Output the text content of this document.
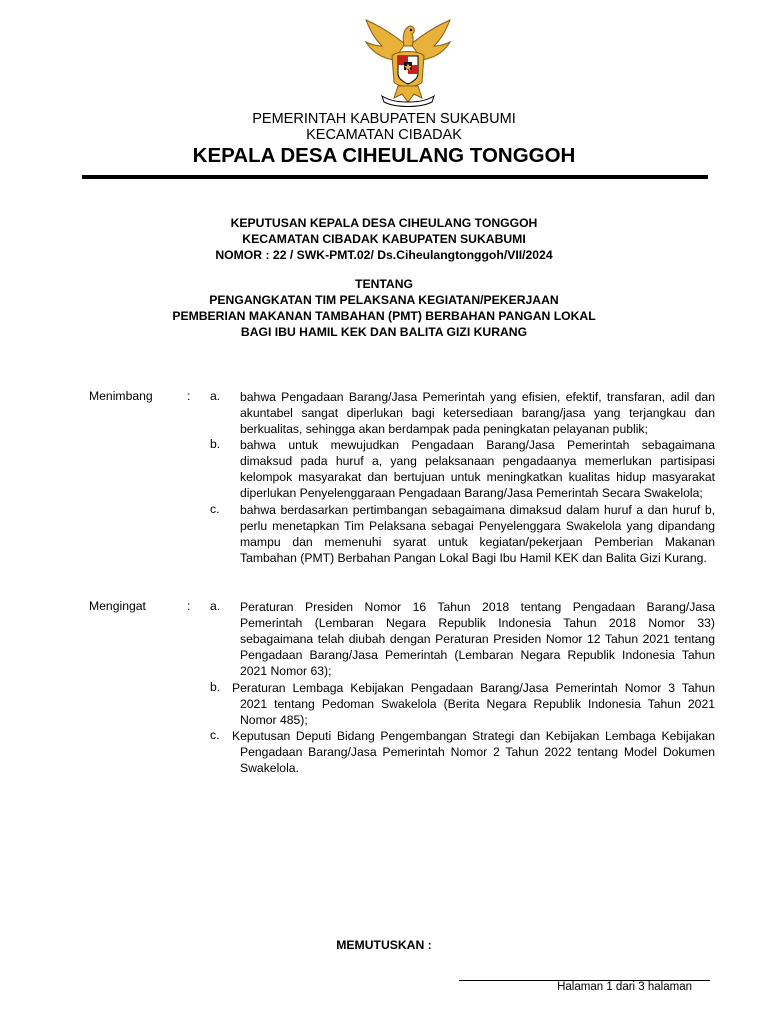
PEMERINTAH KABUPATEN SUKABUMI
KECAMATAN CIBADAK
KEPALA DESA CIHEULANG TONGGOH
KEPUTUSAN KEPALA DESA CIHEULANG TONGGOH
KECAMATAN CIBADAK KABUPATEN SUKABUMI
NOMOR : 22 / SWK-PMT.02/ Ds.Ciheulangtonggoh/VII/2024
TENTANG
PENGANGKATAN TIM PELAKSANA KEGIATAN/PEKERJAAN
PEMBERIAN MAKANAN TAMBAHAN (PMT) BERBAHAN PANGAN LOKAL
BAGI IBU HAMIL KEK DAN BALITA GIZI KURANG
Menimbang	: a. bahwa Pengadaan Barang/Jasa Pemerintah yang efisien, efektif, transfaran, adil dan akuntabel sangat diperlukan bagi ketersediaan barang/jasa yang terjangkau dan berkualitas, sehingga akan berdampak pada peningkatan pelayanan publik;
b. bahwa untuk mewujudkan Pengadaan Barang/Jasa Pemerintah sebagaimana dimaksud pada huruf a, yang pelaksanaan pengadaanya memerlukan partisipasi kelompok masyarakat dan bertujuan untuk meningkatkan kualitas hidup masyarakat diperlukan Penyelenggaraan Pengadaan Barang/Jasa Pemerintah Secara Swakelola;
c. bahwa berdasarkan pertimbangan sebagaimana dimaksud dalam huruf a dan huruf b, perlu menetapkan Tim Pelaksana sebagai Penyelenggara Swakelola yang dipandang mampu dan memenuhi syarat untuk kegiatan/pekerjaan Pemberian Makanan Tambahan (PMT) Berbahan Pangan Lokal Bagi Ibu Hamil KEK dan Balita Gizi Kurang.
Mengingat	: a. Peraturan Presiden Nomor 16 Tahun 2018 tentang Pengadaan Barang/Jasa Pemerintah (Lembaran Negara Republik Indonesia Tahun 2018 Nomor 33) sebagaimana telah diubah dengan Peraturan Presiden Nomor 12 Tahun 2021 tentang Pengadaan Barang/Jasa Pemerintah (Lembaran Negara Republik Indonesia Tahun 2021 Nomor 63);
b. Peraturan Lembaga Kebijakan Pengadaan Barang/Jasa Pemerintah Nomor 3 Tahun 2021 tentang Pedoman Swakelola (Berita Negara Republik Indonesia Tahun 2021 Nomor 485);
c. Keputusan Deputi Bidang Pengembangan Strategi dan Kebijakan Lembaga Kebijakan Pengadaan Barang/Jasa Pemerintah Nomor 2 Tahun 2022 tentang Model Dokumen Swakelola.
MEMUTUSKAN :
Halaman 1 dari 3 halaman
